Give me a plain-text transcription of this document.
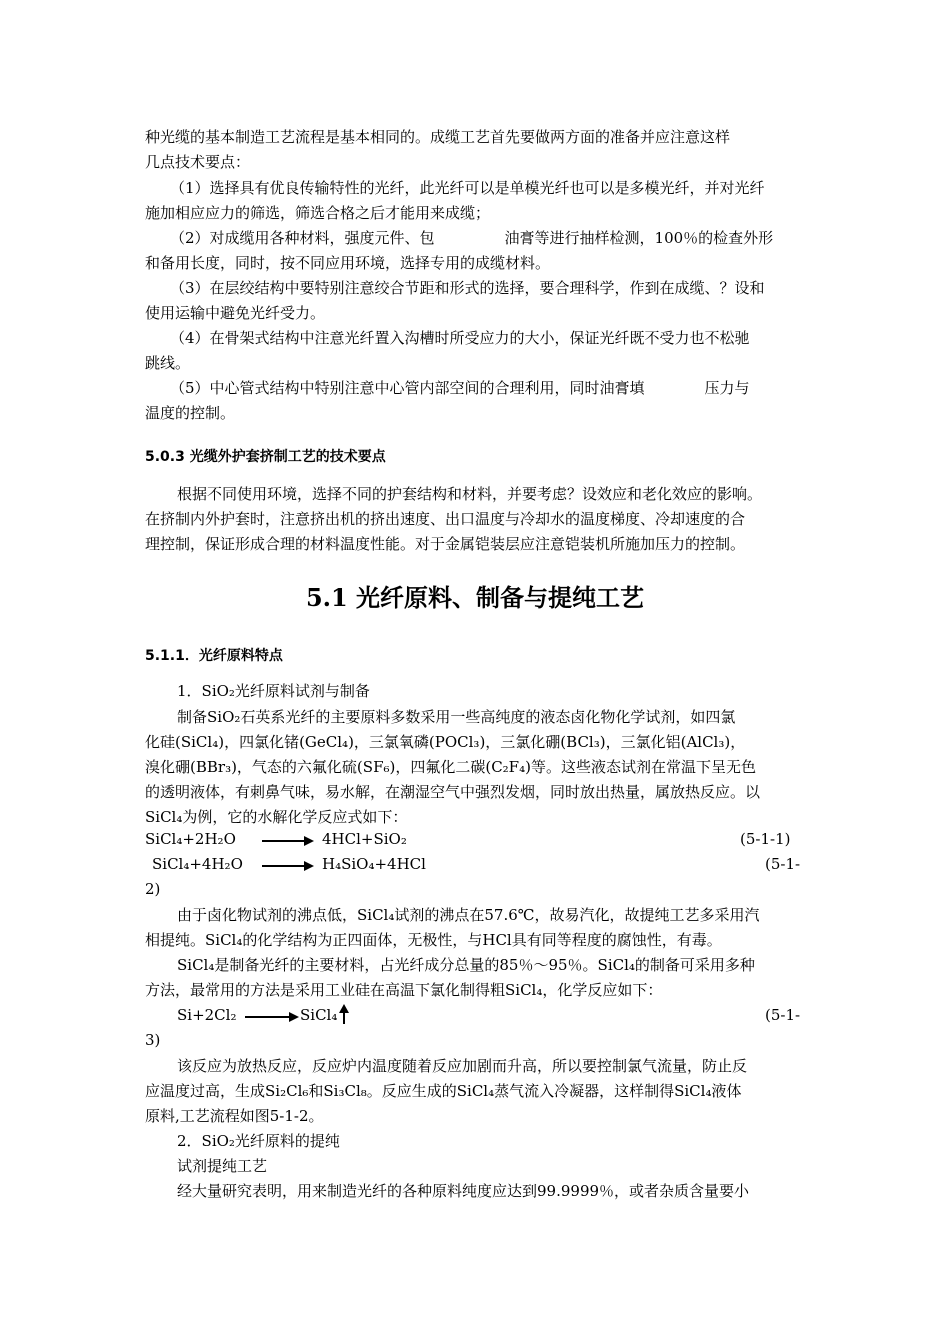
种光缆的基本制造工艺流程是基本相同的。成缆工艺首先要做两方面的准备并应注意这样
几点技术要点：
（1）选择具有优良传输特性的光纤，此光纤可以是单模光纤也可以是多模光纤，并对光纤
施加相应应力的筛选，筛选合格之后才能用来成缆；
（2）对成缆用各种材料，强度元件、包	油膏等进行抽样检测，100％的检查外形
和备用长度，同时，按不同应用环境，选择专用的成缆材料。
（3）在层绞结构中要特别注意绞合节距和形式的选择，要合理科学，作到在成缆、？设和
使用运输中避免光纤受力。
（4）在骨架式结构中注意光纤置入沟槽时所受应力的大小，保证光纤既不受力也不松驰
跳线。
（5）中心管式结构中特别注意中心管内部空间的合理利用，同时油膏填	压力与
温度的控制。
5.0.3 光缆外护套挤制工艺的技术要点
根据不同使用环境，选择不同的护套结构和材料，并要考虑？设效应和老化效应的影响。
在挤制内外护套时，注意挤出机的挤出速度、出口温度与冷却水的温度梯度、冷却速度的合
理控制，保证形成合理的材料温度性能。对于金属铠装层应注意铠装机所施加压力的控制。
5.1 光纤原料、制备与提纯工艺
5.1.1．光纤原料特点
1．SiO₂光纤原料试剂与制备
制备SiO₂石英系光纤的主要原料多数采用一些高纯度的液态卤化物化学试剂，如四氯
化硅(SiCl₄)，四氯化锗(GeCl₄)，三氯氧磷(POCl₃)，三氯化硼(BCl₃)，三氯化铝(AlCl₃)，
溴化硼(BBr₃)，气态的六氟化硫(SF₆)，四氟化二碳(C₂F₄)等。这些液态试剂在常温下呈无色
的透明液体，有刺鼻气味，易水解，在潮湿空气中强烈发烟，同时放出热量，属放热反应。以
SiCl₄为例，它的水解化学反应式如下：
SiCl₄+2H₂O → 4HCl+SiO₂	(5-1-1)
SiCl₄+4H₂O → H₄SiO₄+4HCl	(5-1-
2)
由于卤化物试剂的沸点低，SiCl₄试剂的沸点在57.6℃，故易汽化，故提纯工艺多采用汽
相提纯。SiCl₄的化学结构为正四面体，无极性，与HCl具有同等程度的腐蚀性，有毒。
SiCl₄是制备光纤的主要材料，占光纤成分总量的85％～95％。SiCl₄的制备可采用多种
方法，最常用的方法是采用工业硅在高温下氯化制得粗SiCl₄，化学反应如下：
Si+2Cl₂ → SiCl₄	(5-1-
3)
该反应为放热反应，反应炉内温度随着反应加剧而升高，所以要控制氯气流量，防止反
应温度过高，生成Si₂Cl₆和Si₃Cl₈。反应生成的SiCl₄蒸气流入冷凝器，这样制得SiCl₄液体
原料,工艺流程如图5-1-2。
2．SiO₂光纤原料的提纯
试剂提纯工艺
经大量研究表明，用来制造光纤的各种原料纯度应达到99.9999％，或者杂质含量要小
